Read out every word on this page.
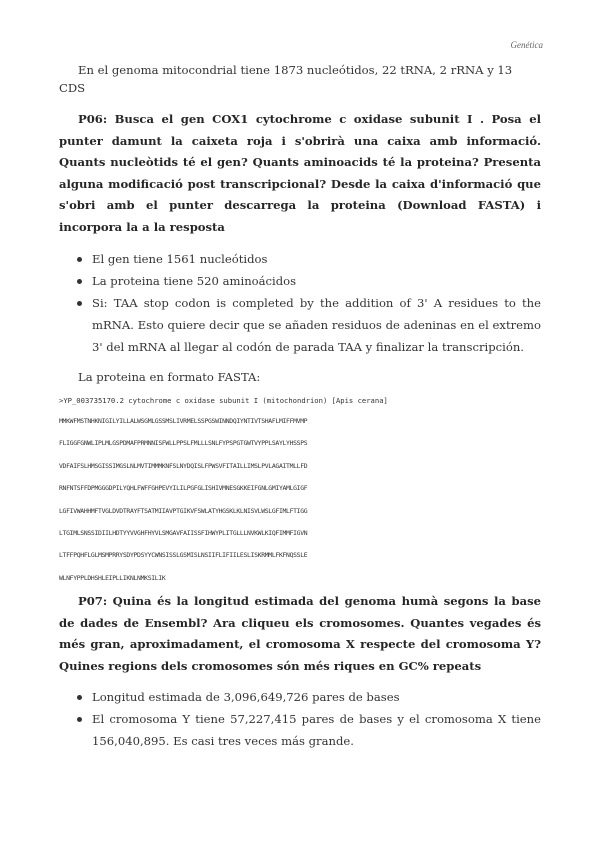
Genética

En el genoma mitocondrial tiene 1873 nucleótidos, 22 tRNA, 2 rRNA y 13 CDS

P06: Busca el gen COX1 cytochrome c oxidase subunit I . Posa el punter damunt la caixeta roja i s'obrirà una caixa amb informació. Quants nucleòtids té el gen? Quants aminoacids té la proteina? Presenta alguna modificació post transcripcional? Desde la caixa d'informació que s'obri amb el punter descarrega la proteina (Download FASTA) i incorpora la a la resposta

El gen tiene 1561 nucleótidos
La proteina tiene 520 aminoácidos
Si: TAA stop codon is completed by the addition of 3' A residues to the mRNA. Esto quiere decir que se añaden residuos de adeninas en el extremo 3' del mRNA al llegar al codón de parada TAA y finalizar la transcripción.

La proteina en formato FASTA:

>YP_003735170.2 cytochrome c oxidase subunit I (mitochondrion) [Apis cerana]
MMKWFMSTNHKNIGILYILLALWSGMLGSSMSLIVRMELSSPGSWINNDQIYNTIVTSHAFLMIFFMVMP
FLIGGFGNWLIPLMLGSPDMAFPRMNNISFWLLPPSLFMLLLSNLFYPSPGTGWTVYPPLSAYLYHSSPS
VDFAIFSLHMSGISSIMGSLNLMVTIMMMKNFSLNYDQISLFPWSVFITAILLIMSLPVLAGAITMLLFD
RNFNTSFFDPMGGGDPILYQHLFWFFGHPEVYILILPGFGLISHIVMNESGKKEIFGNLGMIYAMLGIGF
LGFIVWAHHMFTVGLDVDTRAYFTSATMIIAVPTGIKVFSWLATYHGSKLKLNISVLWSLGFIMLFTIGG
LTGIMLSNSSIDIILHDTYYVVGHFHYVLSMGAVFAIISSFIHWYPLITGLLLNVKWLKIQFIMMFIGVN
LTFFPQHFLGLMSMPRRYSDYPDSYYCWNSISSLGSMISLNSIIFLIFIILESLISKRMMLFKFNQSSLE
WLNFYPPLDHSHLEIPLLIKNLNMKSILIK

P07: Quina és la longitud estimada del genoma humà segons la base de dades de Ensembl? Ara cliqueu els cromosomes. Quantes vegades és més gran, aproximadament, el cromosoma X respecte del cromosoma Y? Quines regions dels cromosomes són més riques en GC% repeats

Longitud estimada de 3,096,649,726 pares de bases
El cromosoma Y tiene 57,227,415 pares de bases y el cromosoma X tiene 156,040,895. Es casi tres veces más grande.
